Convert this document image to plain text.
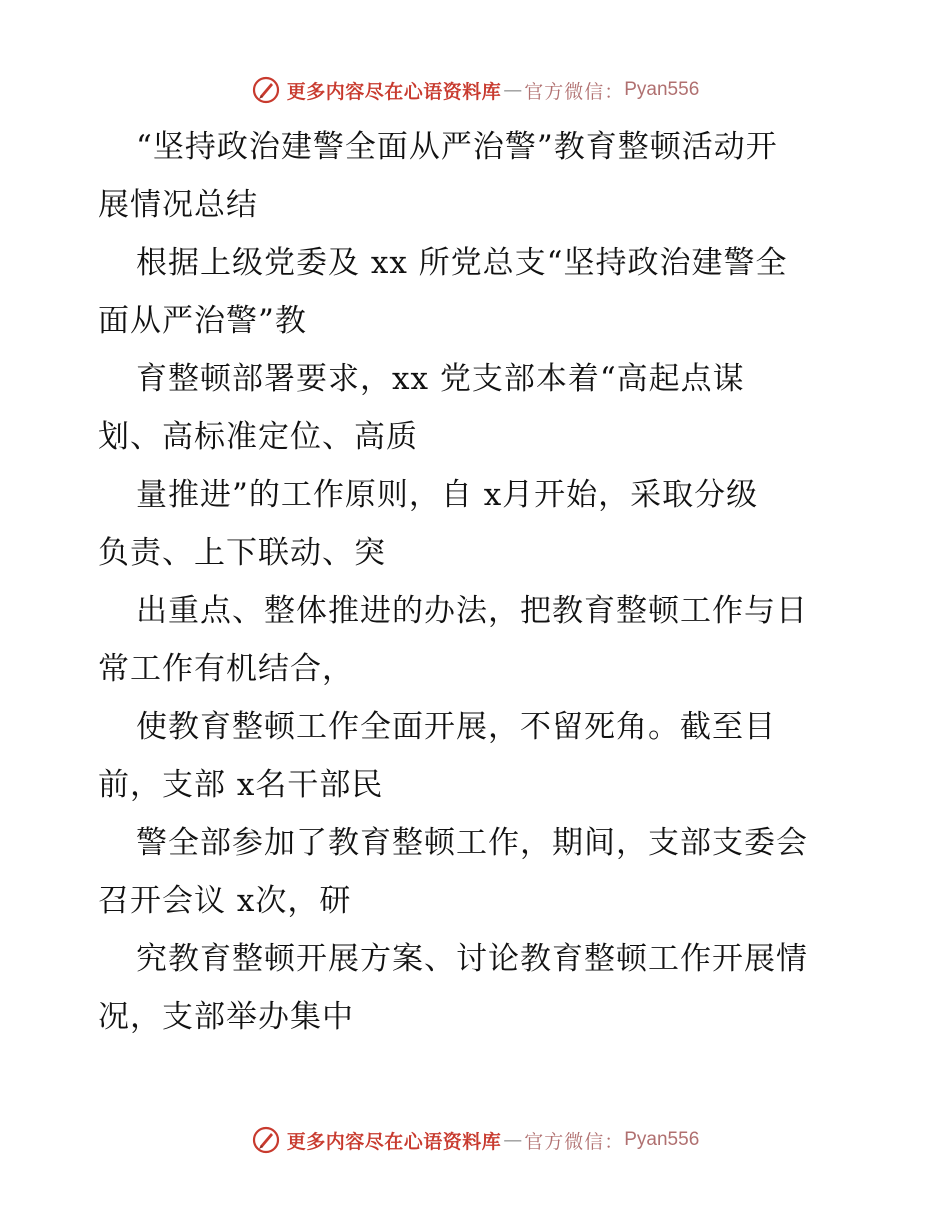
更多内容尽在心语资料库 — 官方微信： Pyan556
“坚持政治建警全面从严治警”教育整顿活动开
展情况总结
根据上级党委及 xx 所党总支“坚持政治建警全
面从严治警”教
育整顿部署要求，xx 党支部本着“高起点谋
划、高标准定位、高质
量推进”的工作原则，自 x月开始，采取分级
负责、上下联动、突
出重点、整体推进的办法，把教育整顿工作与日
常工作有机结合，
使教育整顿工作全面开展，不留死角。截至目
前，支部 x名干部民
警全部参加了教育整顿工作，期间，支部支委会
召开会议 x次，研
究教育整顿开展方案、讨论教育整顿工作开展情
况，支部举办集中
更多内容尽在心语资料库 — 官方微信： Pyan556
